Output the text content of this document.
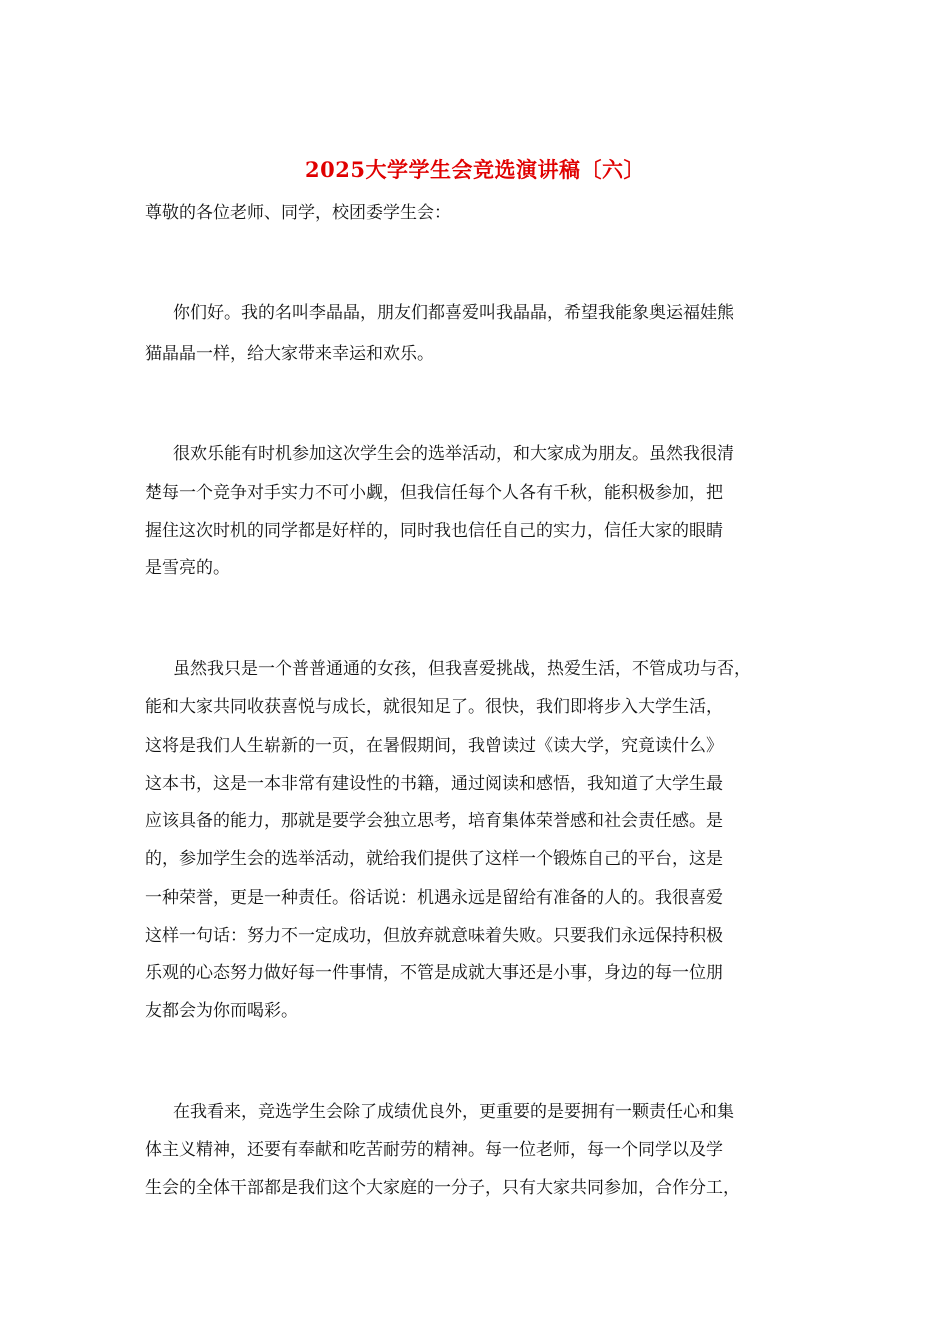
2025大学学生会竞选演讲稿〔六〕
尊敬的各位老师、同学，校团委学生会：
你们好。我的名叫李晶晶，朋友们都喜爱叫我晶晶，希望我能象奥运福娃熊
猫晶晶一样，给大家带来幸运和欢乐。
很欢乐能有时机参加这次学生会的选举活动，和大家成为朋友。虽然我很清
楚每一个竞争对手实力不可小觑，但我信任每个人各有千秋，能积极参加，把
握住这次时机的同学都是好样的，同时我也信任自己的实力，信任大家的眼睛
是雪亮的。
虽然我只是一个普普通通的女孩，但我喜爱挑战，热爱生活，不管成功与否，
能和大家共同收获喜悦与成长，就很知足了。很快，我们即将步入大学生活，
这将是我们人生崭新的一页，在暑假期间，我曾读过《读大学，究竟读什么》
这本书，这是一本非常有建设性的书籍，通过阅读和感悟，我知道了大学生最
应该具备的能力，那就是要学会独立思考，培育集体荣誉感和社会责任感。是
的，参加学生会的选举活动，就给我们提供了这样一个锻炼自己的平台，这是
一种荣誉，更是一种责任。俗话说：机遇永远是留给有准备的人的。我很喜爱
这样一句话：努力不一定成功，但放弃就意味着失败。只要我们永远保持积极
乐观的心态努力做好每一件事情，不管是成就大事还是小事，身边的每一位朋
友都会为你而喝彩。
在我看来，竞选学生会除了成绩优良外，更重要的是要拥有一颗责任心和集
体主义精神，还要有奉献和吃苦耐劳的精神。每一位老师，每一个同学以及学
生会的全体干部都是我们这个大家庭的一分子，只有大家共同参加，合作分工，
